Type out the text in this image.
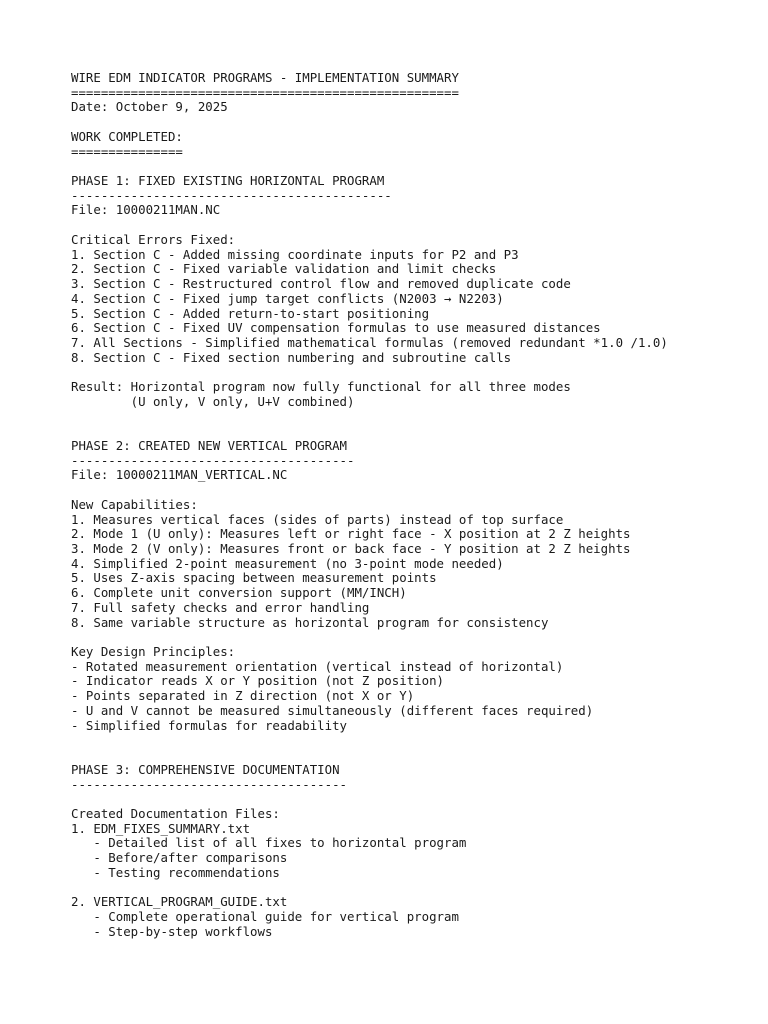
WIRE EDM INDICATOR PROGRAMS - IMPLEMENTATION SUMMARY
====================================================
Date: October 9, 2025
WORK COMPLETED:
===============
PHASE 1: FIXED EXISTING HORIZONTAL PROGRAM
-------------------------------------------
File: 10000211MAN.NC
Critical Errors Fixed:
1. Section C - Added missing coordinate inputs for P2 and P3
2. Section C - Fixed variable validation and limit checks
3. Section C - Restructured control flow and removed duplicate code
4. Section C - Fixed jump target conflicts (N2003 → N2203)
5. Section C - Added return-to-start positioning
6. Section C - Fixed UV compensation formulas to use measured distances
7. All Sections - Simplified mathematical formulas (removed redundant *1.0 /1.0)
8. Section C - Fixed section numbering and subroutine calls
Result: Horizontal program now fully functional for all three modes
(U only, V only, U+V combined)
PHASE 2: CREATED NEW VERTICAL PROGRAM
--------------------------------------
File: 10000211MAN_VERTICAL.NC
New Capabilities:
1. Measures vertical faces (sides of parts) instead of top surface
2. Mode 1 (U only): Measures left or right face - X position at 2 Z heights
3. Mode 2 (V only): Measures front or back face - Y position at 2 Z heights
4. Simplified 2-point measurement (no 3-point mode needed)
5. Uses Z-axis spacing between measurement points
6. Complete unit conversion support (MM/INCH)
7. Full safety checks and error handling
8. Same variable structure as horizontal program for consistency
Key Design Principles:
- Rotated measurement orientation (vertical instead of horizontal)
- Indicator reads X or Y position (not Z position)
- Points separated in Z direction (not X or Y)
- U and V cannot be measured simultaneously (different faces required)
- Simplified formulas for readability
PHASE 3: COMPREHENSIVE DOCUMENTATION
-------------------------------------
Created Documentation Files:
1. EDM_FIXES_SUMMARY.txt
- Detailed list of all fixes to horizontal program
- Before/after comparisons
- Testing recommendations
2. VERTICAL_PROGRAM_GUIDE.txt
- Complete operational guide for vertical program
- Step-by-step workflows
